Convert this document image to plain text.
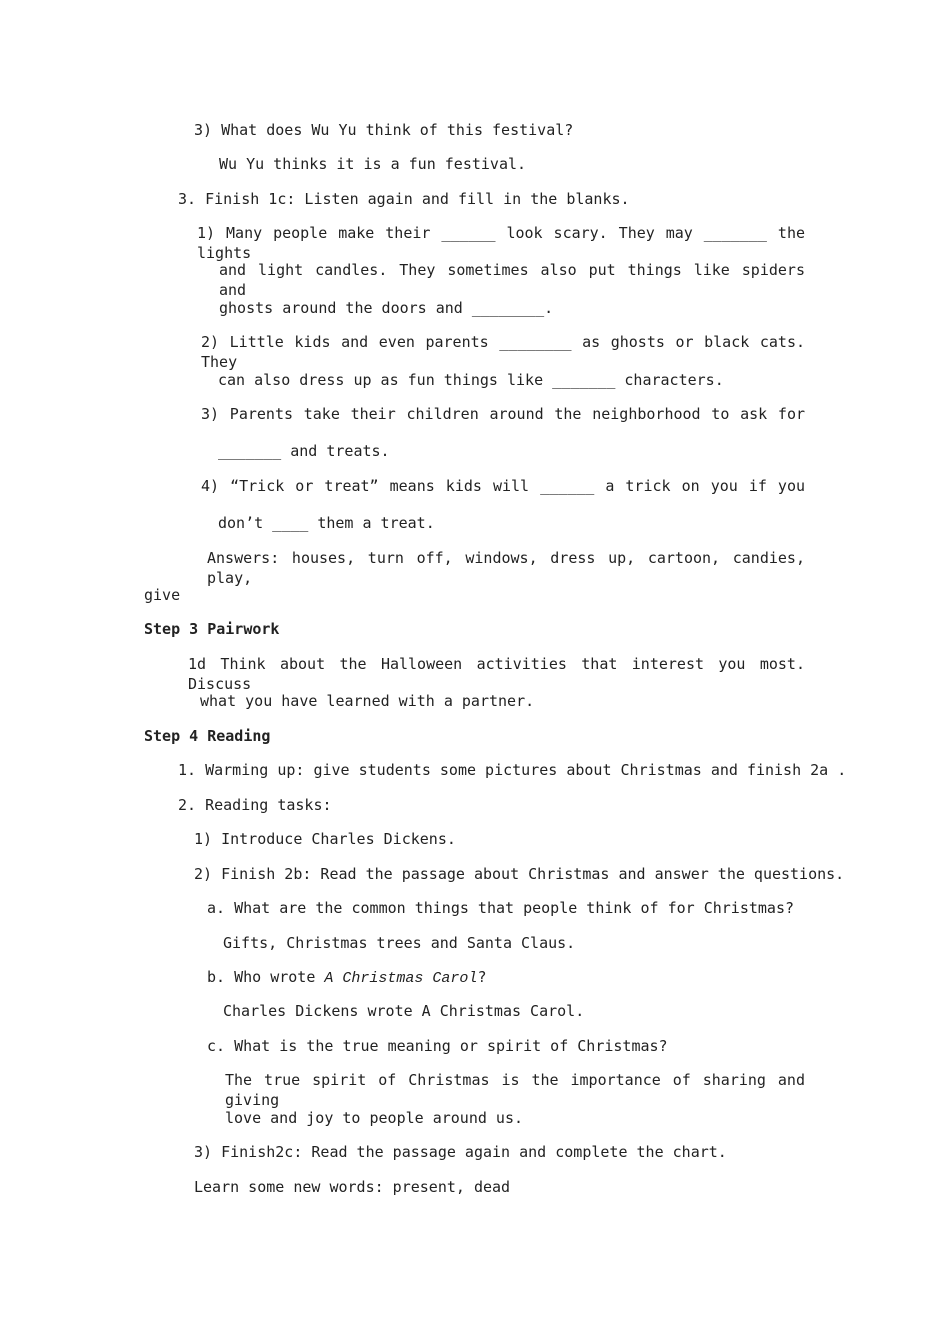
3) What does Wu Yu think of this festival?
Wu Yu thinks it is a fun festival.
3. Finish 1c: Listen again and fill in the blanks.
1) Many people make their ______ look scary. They may _______ the lights
and light candles. They sometimes also put things like spiders and
ghosts around the doors and ________.
2) Little kids and even parents ________ as ghosts or black cats. They
can also dress up as fun things like _______ characters.
3) Parents take their children around the neighborhood to ask for
_______ and treats.
4) “Trick or treat” means kids will ______ a trick on you if you
don’t ____ them a treat.
Answers: houses, turn off, windows, dress up, cartoon, candies, play,
give
Step 3 Pairwork
1d Think about the Halloween activities that interest you most. Discuss
what you have learned with a partner.
Step 4 Reading
1. Warming up: give students some pictures about Christmas and finish 2a .
2. Reading tasks:
1) Introduce Charles Dickens.
2) Finish 2b: Read the passage about Christmas and answer the questions.
a. What are the common things that people think of for Christmas?
Gifts, Christmas trees and Santa Claus.
b. Who wrote A Christmas Carol?
Charles Dickens wrote A Christmas Carol.
c. What is the true meaning or spirit of Christmas?
The true spirit of Christmas is the importance of sharing and giving
love and joy to people around us.
3) Finish2c: Read the passage again and complete the chart.
Learn some new words: present, dead
